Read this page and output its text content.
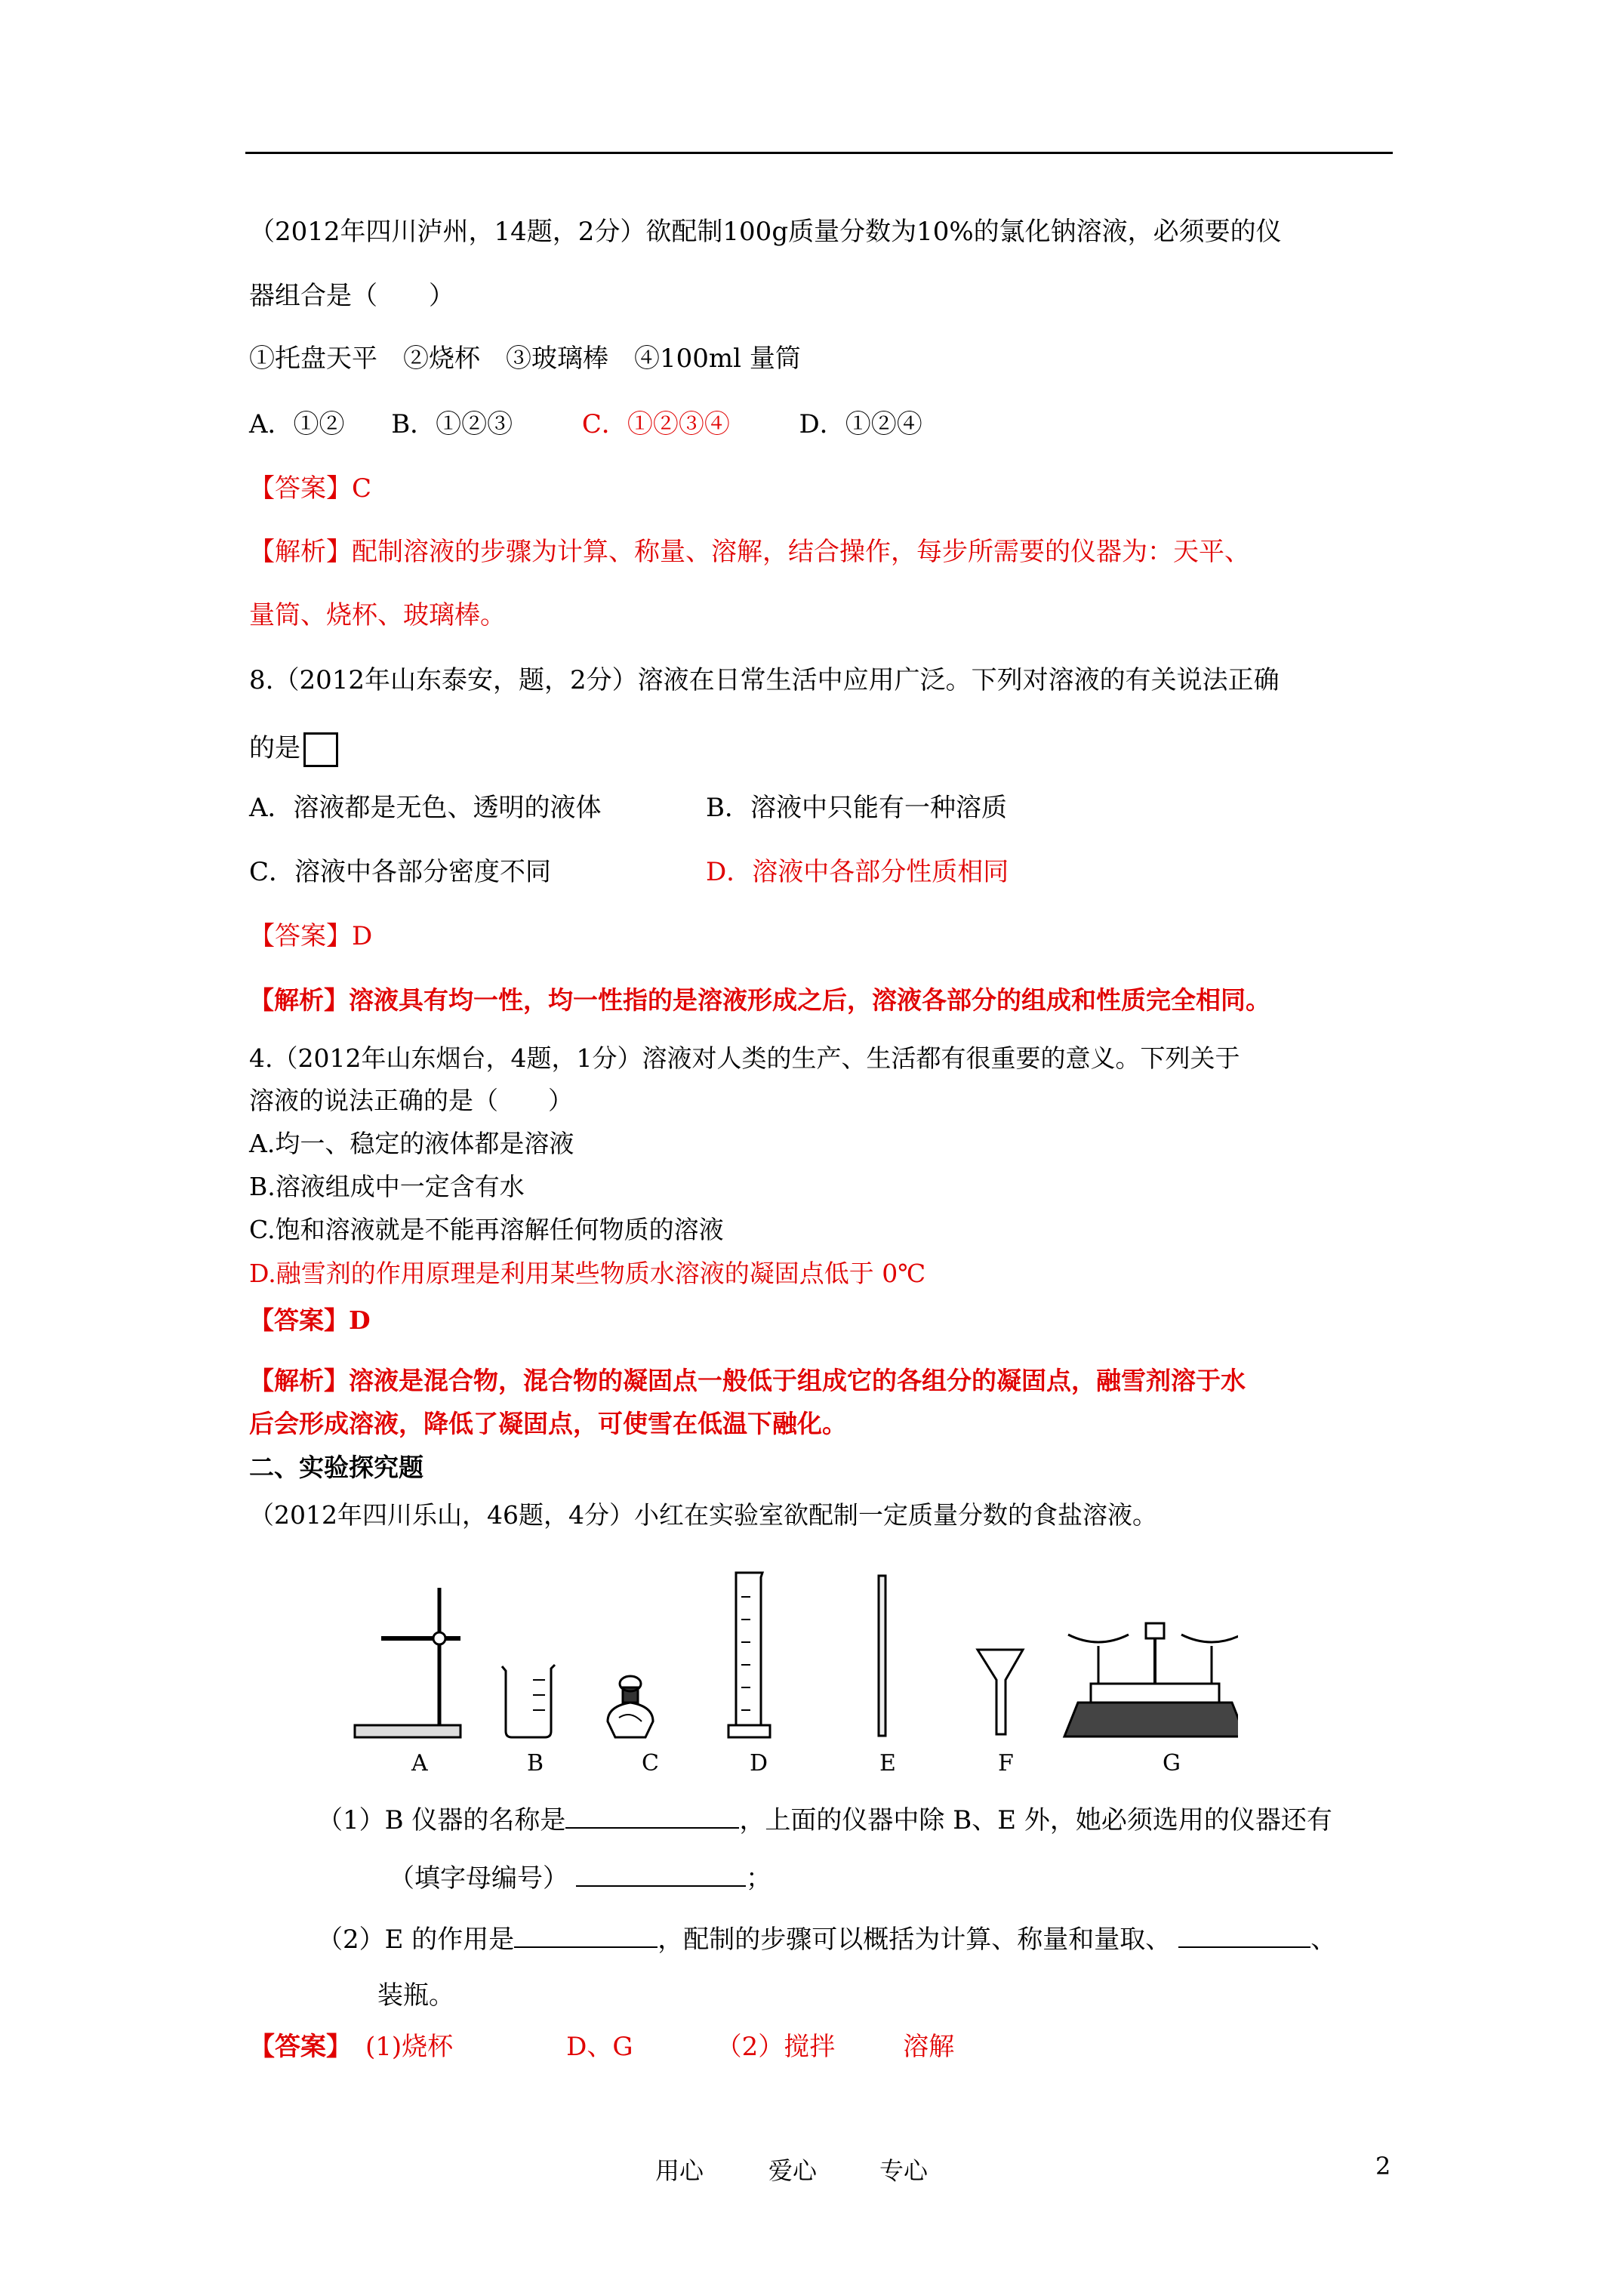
（2012年四川泸州，14题，2分）欲配制100g质量分数为10%的氯化钠溶液，必须要的仪
器组合是（　　）
①托盘天平　②烧杯　③玻璃棒　④100ml 量筒
A．①② B．①②③	C．①②③④	D．①②④
【答案】C
【解析】配制溶液的步骤为计算、称量、溶解，结合操作，每步所需要的仪器为：天平、
量筒、烧杯、玻璃棒。
8.（2012年山东泰安，题，2分）溶液在日常生活中应用广泛。下列对溶液的有关说法正确
的是
A．溶液都是无色、透明的液体	B．溶液中只能有一种溶质
C．溶液中各部分密度不同	D．溶液中各部分性质相同
【答案】D
【解析】溶液具有均一性，均一性指的是溶液形成之后，溶液各部分的组成和性质完全相同。
4.（2012年山东烟台，4题，1分）溶液对人类的生产、生活都有很重要的意义。下列关于
溶液的说法正确的是（　　）
A.均一、稳定的液体都是溶液
B.溶液组成中一定含有水
C.饱和溶液就是不能再溶解任何物质的溶液
D.融雪剂的作用原理是利用某些物质水溶液的凝固点低于 0℃
【答案】D
【解析】溶液是混合物，混合物的凝固点一般低于组成它的各组分的凝固点，融雪剂溶于水
后会形成溶液，降低了凝固点，可使雪在低温下融化。
二、实验探究题
（2012年四川乐山，46题，4分）小红在实验室欲配制一定质量分数的食盐溶液。
A	B	C	D	E	F	G
（1）B 仪器的名称是	，上面的仪器中除 B、E 外，她必须选用的仪器还有
（填字母编号）	；
（2）E 的作用是	，配制的步骤可以概括为计算、称量和量取、	、
装瓶。
【答案】 (1)烧杯	D、G	（2）搅拌	溶解
用心	爱心	专心	2
